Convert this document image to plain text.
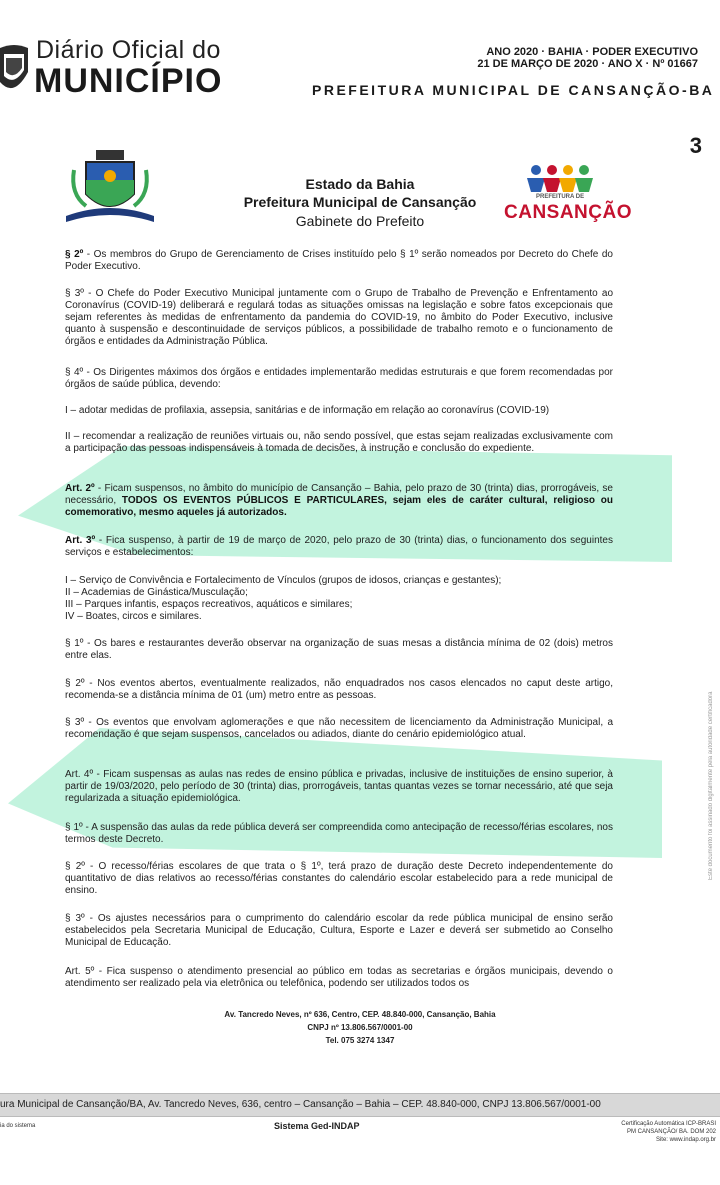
Diário Oficial do
MUNICÍPIO
ANO 2020 · BAHIA · PODER EXECUTIVO
21 DE MARÇO DE 2020 · ANO X · Nº 01667
PREFEITURA MUNICIPAL DE CANSANÇÃO-BA
3
Estado da Bahia
Prefeitura Municipal de Cansanção
Gabinete do Prefeito
PREFEITURA DE
CANSANÇÃO
§ 2º - Os membros do Grupo de Gerenciamento de Crises instituído pelo § 1º serão nomeados por Decreto do Chefe do Poder Executivo.
§ 3º - O Chefe do Poder Executivo Municipal juntamente com o Grupo de Trabalho de Prevenção e Enfrentamento ao Coronavírus (COVID-19) deliberará e regulará todas as situações omissas na legislação e sobre fatos excepcionais que sejam referentes às medidas de enfrentamento da pandemia do COVID-19, no âmbito do Poder Executivo, inclusive quanto à suspensão e descontinuidade de serviços públicos, a possibilidade de trabalho remoto e o funcionamento de órgãos e entidades da Administração Pública.
§ 4º - Os Dirigentes máximos dos órgãos e entidades implementarão medidas estruturais e que forem recomendadas por órgãos de saúde pública, devendo:
I – adotar medidas de profilaxia, assepsia, sanitárias e de informação em relação ao coronavírus (COVID-19)
II – recomendar a realização de reuniões virtuais ou, não sendo possível, que estas sejam realizadas exclusivamente com a participação das pessoas indispensáveis à tomada de decisões, à instrução e conclusão do expediente.
Art. 2º - Ficam suspensos, no âmbito do município de Cansanção – Bahia, pelo prazo de 30 (trinta) dias, prorrogáveis, se necessário, TODOS OS EVENTOS PÚBLICOS E PARTICULARES, sejam eles de caráter cultural, religioso ou comemorativo, mesmo aqueles já autorizados.
Art. 3º - Fica suspenso, à partir de 19 de março de 2020, pelo prazo de 30 (trinta) dias, o funcionamento dos seguintes serviços e estabelecimentos:
I – Serviço de Convivência e Fortalecimento de Vínculos (grupos de idosos, crianças e gestantes);
II – Academias de Ginástica/Musculação;
III – Parques infantis, espaços recreativos, aquáticos e similares;
IV – Boates, circos e similares.
§ 1º - Os bares e restaurantes deverão observar na organização de suas mesas a distância mínima de 02 (dois) metros entre elas.
§ 2º - Nos eventos abertos, eventualmente realizados, não enquadrados nos casos elencados no caput deste artigo, recomenda-se a distância mínima de 01 (um) metro entre as pessoas.
§ 3º - Os eventos que envolvam aglomerações e que não necessitem de licenciamento da Administração Municipal, a recomendação é que sejam suspensos, cancelados ou adiados, diante do cenário epidemiológico atual.
Art. 4º - Ficam suspensas as aulas nas redes de ensino pública e privadas, inclusive de instituições de ensino superior, à partir de 19/03/2020, pelo período de 30 (trinta) dias, prorrogáveis, tantas quantas vezes se tornar necessário, até que seja regularizada a situação epidemiológica.
§ 1º - A suspensão das aulas da rede pública deverá ser compreendida como antecipação de recesso/férias escolares, nos termos deste Decreto.
§ 2º - O recesso/férias escolares de que trata o § 1º, terá prazo de duração deste Decreto independentemente do quantitativo de dias relativos ao recesso/férias constantes do calendário escolar estabelecido para a rede municipal de ensino.
§ 3º - Os ajustes necessários para o cumprimento do calendário escolar da rede pública municipal de ensino serão estabelecidos pela Secretaria Municipal de Educação, Cultura, Esporte e Lazer e deverá ser submetido ao Conselho Municipal de Educação.
Art. 5º - Fica suspenso o atendimento presencial ao público em todas as secretarias e órgãos municipais, devendo o atendimento ser realizado pela via eletrônica ou telefônica, podendo ser utilizados todos os
Este documento foi assinado digitalmente pela autoridade certificadora
Av. Tancredo Neves, nº 636, Centro, CEP. 48.840-000, Cansanção, Bahia
CNPJ nº 13.806.567/0001-00
Tel. 075 3274 1347
ura Municipal de Cansanção/BA, Av. Tancredo Neves, 636, centro – Cansanção – Bahia – CEP. 48.840-000, CNPJ 13.806.567/0001-00
ia do sistema	Sistema Ged-INDAP	Certificação Automática ICP-BRASI
PM CANSANÇÃO/ BA. DOM 202
Site: www.indap.org.br
